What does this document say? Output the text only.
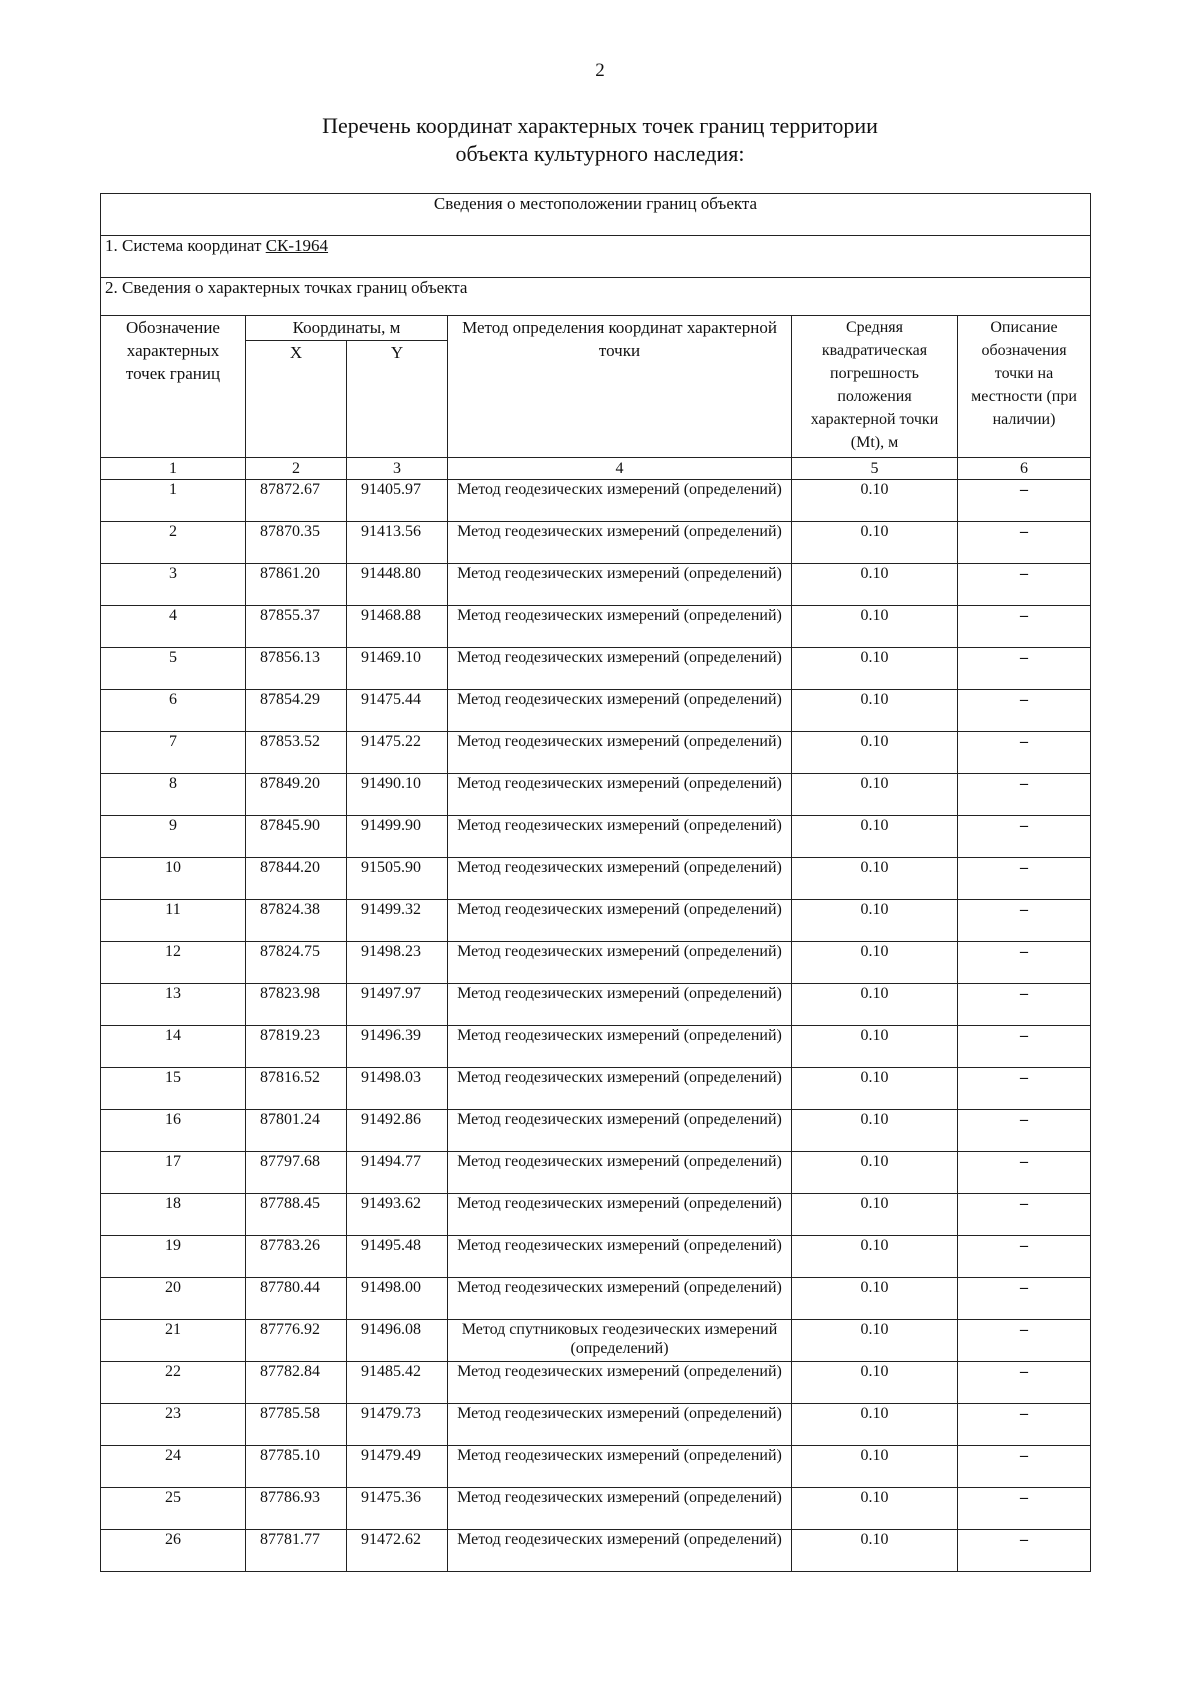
2
Перечень координат характерных точек границ территории
объекта культурного наследия:
Сведения о местоположении границ объекта					
1. Система координат СК-1964					
2. Сведения о характерных точках границ объекта					
Обозначение характерных точек границ	Координаты, м		Метод определения координат характерной точки	Средняя квадратическая погрешность положения характерной точки (Mt), м	Описание обозначения точки на местности (при наличии)
	X	Y			
1	2	3	4	5	6
1	87872.67	91405.97	Метод геодезических измерений (определений)	0.10	–
2	87870.35	91413.56	Метод геодезических измерений (определений)	0.10	–
3	87861.20	91448.80	Метод геодезических измерений (определений)	0.10	–
4	87855.37	91468.88	Метод геодезических измерений (определений)	0.10	–
5	87856.13	91469.10	Метод геодезических измерений (определений)	0.10	–
6	87854.29	91475.44	Метод геодезических измерений (определений)	0.10	–
7	87853.52	91475.22	Метод геодезических измерений (определений)	0.10	–
8	87849.20	91490.10	Метод геодезических измерений (определений)	0.10	–
9	87845.90	91499.90	Метод геодезических измерений (определений)	0.10	–
10	87844.20	91505.90	Метод геодезических измерений (определений)	0.10	–
11	87824.38	91499.32	Метод геодезических измерений (определений)	0.10	–
12	87824.75	91498.23	Метод геодезических измерений (определений)	0.10	–
13	87823.98	91497.97	Метод геодезических измерений (определений)	0.10	–
14	87819.23	91496.39	Метод геодезических измерений (определений)	0.10	–
15	87816.52	91498.03	Метод геодезических измерений (определений)	0.10	–
16	87801.24	91492.86	Метод геодезических измерений (определений)	0.10	–
17	87797.68	91494.77	Метод геодезических измерений (определений)	0.10	–
18	87788.45	91493.62	Метод геодезических измерений (определений)	0.10	–
19	87783.26	91495.48	Метод геодезических измерений (определений)	0.10	–
20	87780.44	91498.00	Метод геодезических измерений (определений)	0.10	–
21	87776.92	91496.08	Метод спутниковых геодезических измерений (определений)	0.10	–
22	87782.84	91485.42	Метод геодезических измерений (определений)	0.10	–
23	87785.58	91479.73	Метод геодезических измерений (определений)	0.10	–
24	87785.10	91479.49	Метод геодезических измерений (определений)	0.10	–
25	87786.93	91475.36	Метод геодезических измерений (определений)	0.10	–
26	87781.77	91472.62	Метод геодезических измерений (определений)	0.10	–
